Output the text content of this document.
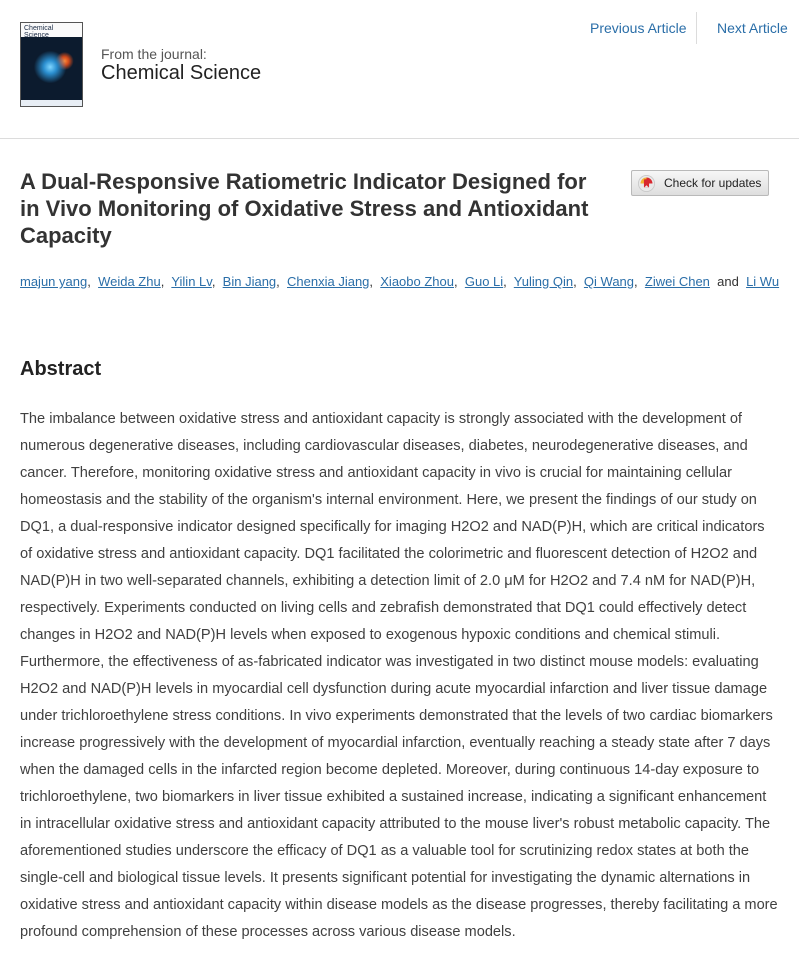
Chemical
Science
From the journal:
Chemical Science
Previous Article Next Article
A Dual-Responsive Ratiometric Indicator Designed for in Vivo Monitoring of Oxidative Stress and Antioxidant Capacity
Check for updates
majun yang, Weida Zhu, Yilin Lv, Bin Jiang, Chenxia Jiang, Xiaobo Zhou, Guo Li, Yuling Qin, Qi Wang, Ziwei Chen  and  Li Wu
Abstract

The imbalance between oxidative stress and antioxidant capacity is strongly associated with the development of numerous degenerative diseases, including cardiovascular diseases, diabetes, neurodegenerative diseases, and cancer. Therefore, monitoring oxidative stress and antioxidant capacity in vivo is crucial for maintaining cellular homeostasis and the stability of the organism's internal environment. Here, we present the findings of our study on DQ1, a dual-responsive indicator designed specifically for imaging H2O2 and NAD(P)H, which are critical indicators of oxidative stress and antioxidant capacity. DQ1 facilitated the colorimetric and fluorescent detection of H2O2 and NAD(P)H in two well-separated channels, exhibiting a detection limit of 2.0 μM for H2O2 and 7.4 nM for NAD(P)H, respectively. Experiments conducted on living cells and zebrafish demonstrated that DQ1 could effectively detect changes in H2O2 and NAD(P)H levels when exposed to exogenous hypoxic conditions and chemical stimuli. Furthermore, the effectiveness of as-fabricated indicator was investigated in two distinct mouse models: evaluating H2O2 and NAD(P)H levels in myocardial cell dysfunction during acute myocardial infarction and liver tissue damage under trichloroethylene stress conditions. In vivo experiments demonstrated that the levels of two cardiac biomarkers increase progressively with the development of myocardial infarction, eventually reaching a steady state after 7 days when the damaged cells in the infarcted region become depleted. Moreover, during continuous 14-day exposure to trichloroethylene, two biomarkers in liver tissue exhibited a sustained increase, indicating a significant enhancement in intracellular oxidative stress and antioxidant capacity attributed to the mouse liver's robust metabolic capacity. The aforementioned studies underscore the efficacy of DQ1 as a valuable tool for scrutinizing redox states at both the single-cell and biological tissue levels. It presents significant potential for investigating the dynamic alternations in oxidative stress and antioxidant capacity within disease models as the disease progresses, thereby facilitating a more profound comprehension of these processes across various disease models.
